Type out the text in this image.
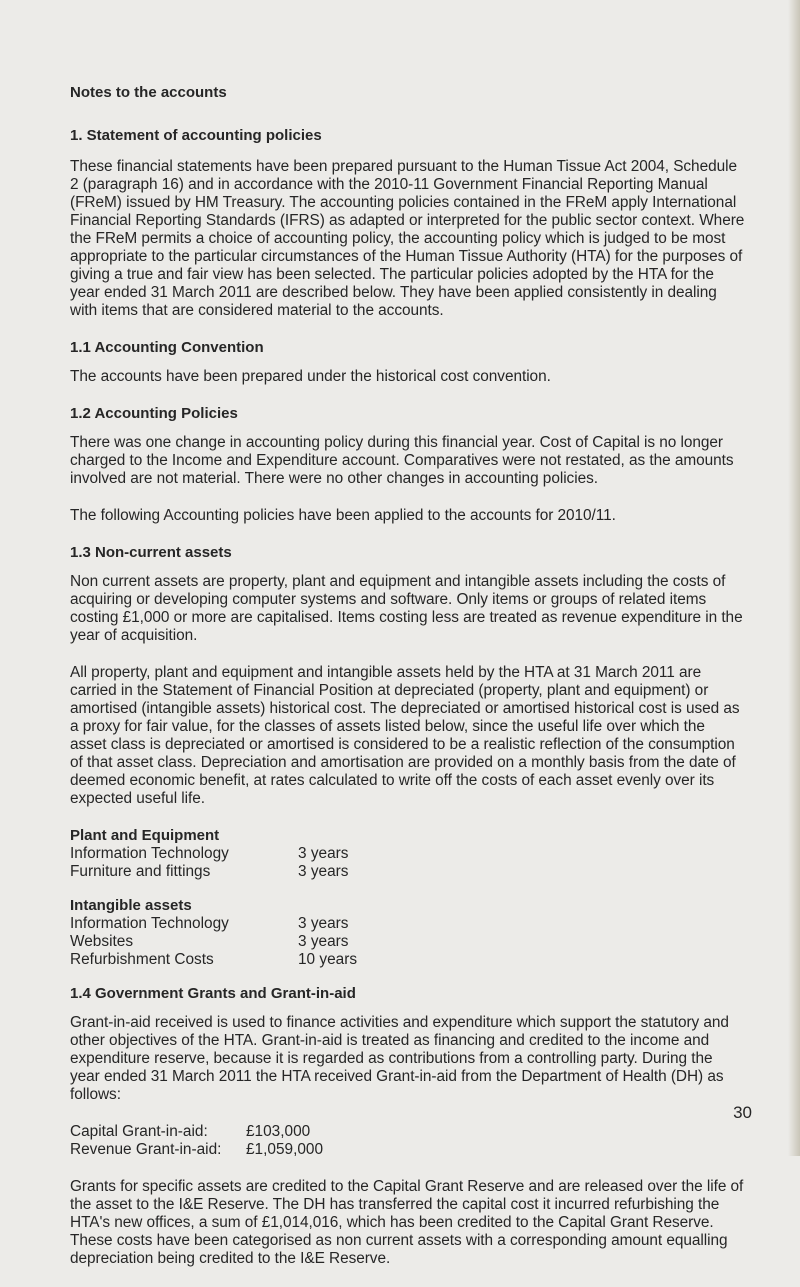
Notes to the accounts
1. Statement of accounting policies

These financial statements have been prepared pursuant to the Human Tissue Act 2004, Schedule 2 (paragraph 16) and in accordance with the 2010-11 Government Financial Reporting Manual (FReM) issued by HM Treasury. The accounting policies contained in the FReM apply International Financial Reporting Standards (IFRS) as adapted or interpreted for the public sector context. Where the FReM permits a choice of accounting policy, the accounting policy which is judged to be most appropriate to the particular circumstances of the Human Tissue Authority (HTA) for the purposes of giving a true and fair view has been selected. The particular policies adopted by the HTA for the year ended 31 March 2011 are described below. They have been applied consistently in dealing with items that are considered material to the accounts.

1.1 Accounting Convention

The accounts have been prepared under the historical cost convention.

1.2 Accounting Policies

There was one change in accounting policy during this financial year. Cost of Capital is no longer charged to the Income and Expenditure account. Comparatives were not restated, as the amounts involved are not material. There were no other changes in accounting policies.

The following Accounting policies have been applied to the accounts for 2010/11.

1.3 Non-current assets

Non current assets are property, plant and equipment and intangible assets including the costs of acquiring or developing computer systems and software. Only items or groups of related items costing £1,000 or more are capitalised. Items costing less are treated as revenue expenditure in the year of acquisition.

All property, plant and equipment and intangible assets held by the HTA at 31 March 2011 are carried in the Statement of Financial Position at depreciated (property, plant and equipment) or amortised (intangible assets) historical cost. The depreciated or amortised historical cost is used as a proxy for fair value, for the classes of assets listed below, since the useful life over which the asset class is depreciated or amortised is considered to be a realistic reflection of the consumption of that asset class. Depreciation and amortisation are provided on a monthly basis from the date of deemed economic benefit, at rates calculated to write off the costs of each asset evenly over its expected useful life.

Plant and Equipment
Information Technology	3 years
Furniture and fittings	3 years
Intangible assets
Information Technology	3 years
Websites	3 years
Refurbishment Costs	10 years
1.4 Government Grants and Grant-in-aid

Grant-in-aid received is used to finance activities and expenditure which support the statutory and other objectives of the HTA. Grant-in-aid is treated as financing and credited to the income and expenditure reserve, because it is regarded as contributions from a controlling party. During the year ended 31 March 2011 the HTA received Grant-in-aid from the Department of Health (DH) as follows:

Capital Grant-in-aid:	£103,000
Revenue Grant-in-aid:	£1,059,000

Grants for specific assets are credited to the Capital Grant Reserve and are released over the life of the asset to the I&E Reserve. The DH has transferred the capital cost it incurred refurbishing the HTA's new offices, a sum of £1,014,016, which has been credited to the Capital Grant Reserve. These costs have been categorised as non current assets with a corresponding amount equalling depreciation being credited to the I&E Reserve.

30
